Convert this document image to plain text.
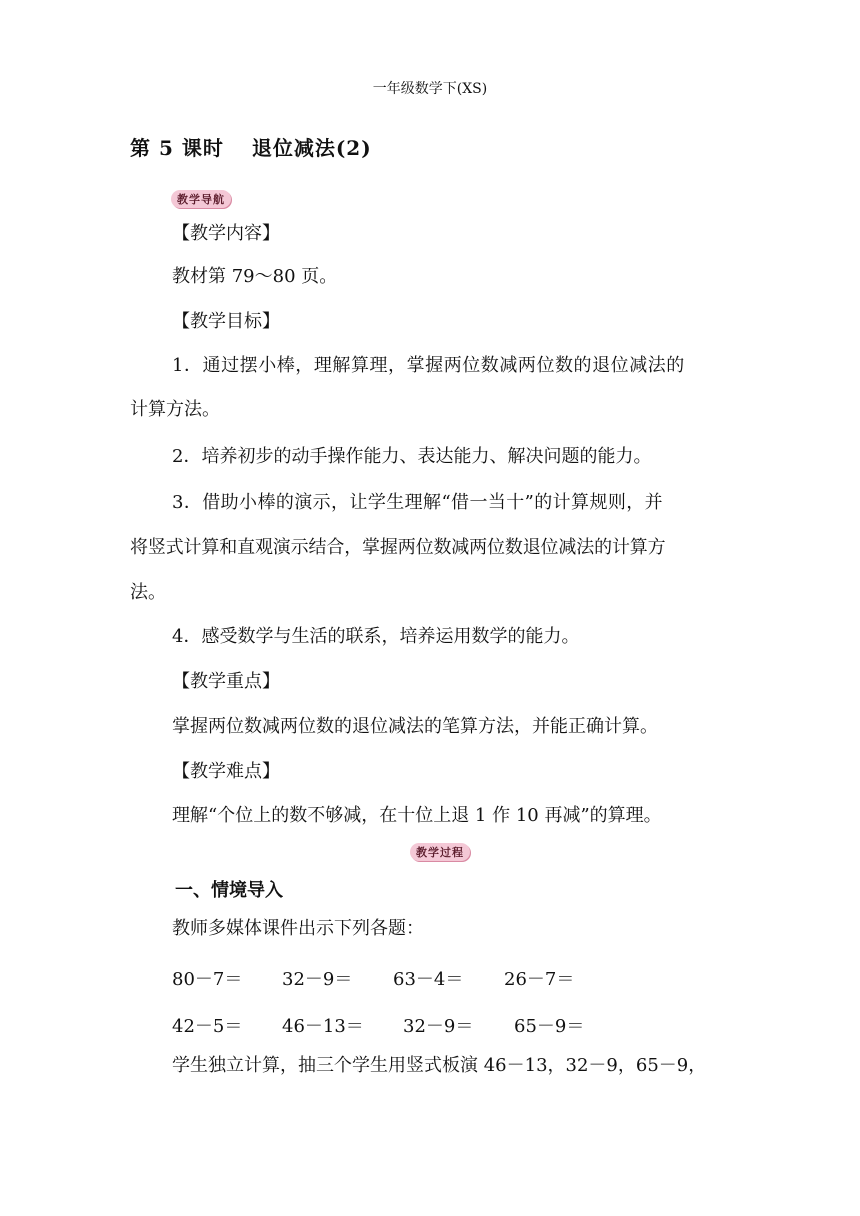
一年级数学下(XS)
第 5 课时 退位减法(2)
教学导航
【教学内容】
教材第 79～80 页。
【教学目标】
1．通过摆小棒，理解算理，掌握两位数减两位数的退位减法的
计算方法。
2．培养初步的动手操作能力、表达能力、解决问题的能力。
3．借助小棒的演示，让学生理解“借一当十”的计算规则，并
将竖式计算和直观演示结合，掌握两位数减两位数退位减法的计算方
法。
4．感受数学与生活的联系，培养运用数学的能力。
【教学重点】
掌握两位数减两位数的退位减法的笔算方法，并能正确计算。
【教学难点】
理解“个位上的数不够减，在十位上退 1 作 10 再减”的算理。
教学过程
一、情境导入
教师多媒体课件出示下列各题：
80－7＝ 32－9＝ 63－4＝ 26－7＝
42－5＝ 46－13＝ 32－9＝ 65－9＝
学生独立计算，抽三个学生用竖式板演 46－13，32－9，65－9，
